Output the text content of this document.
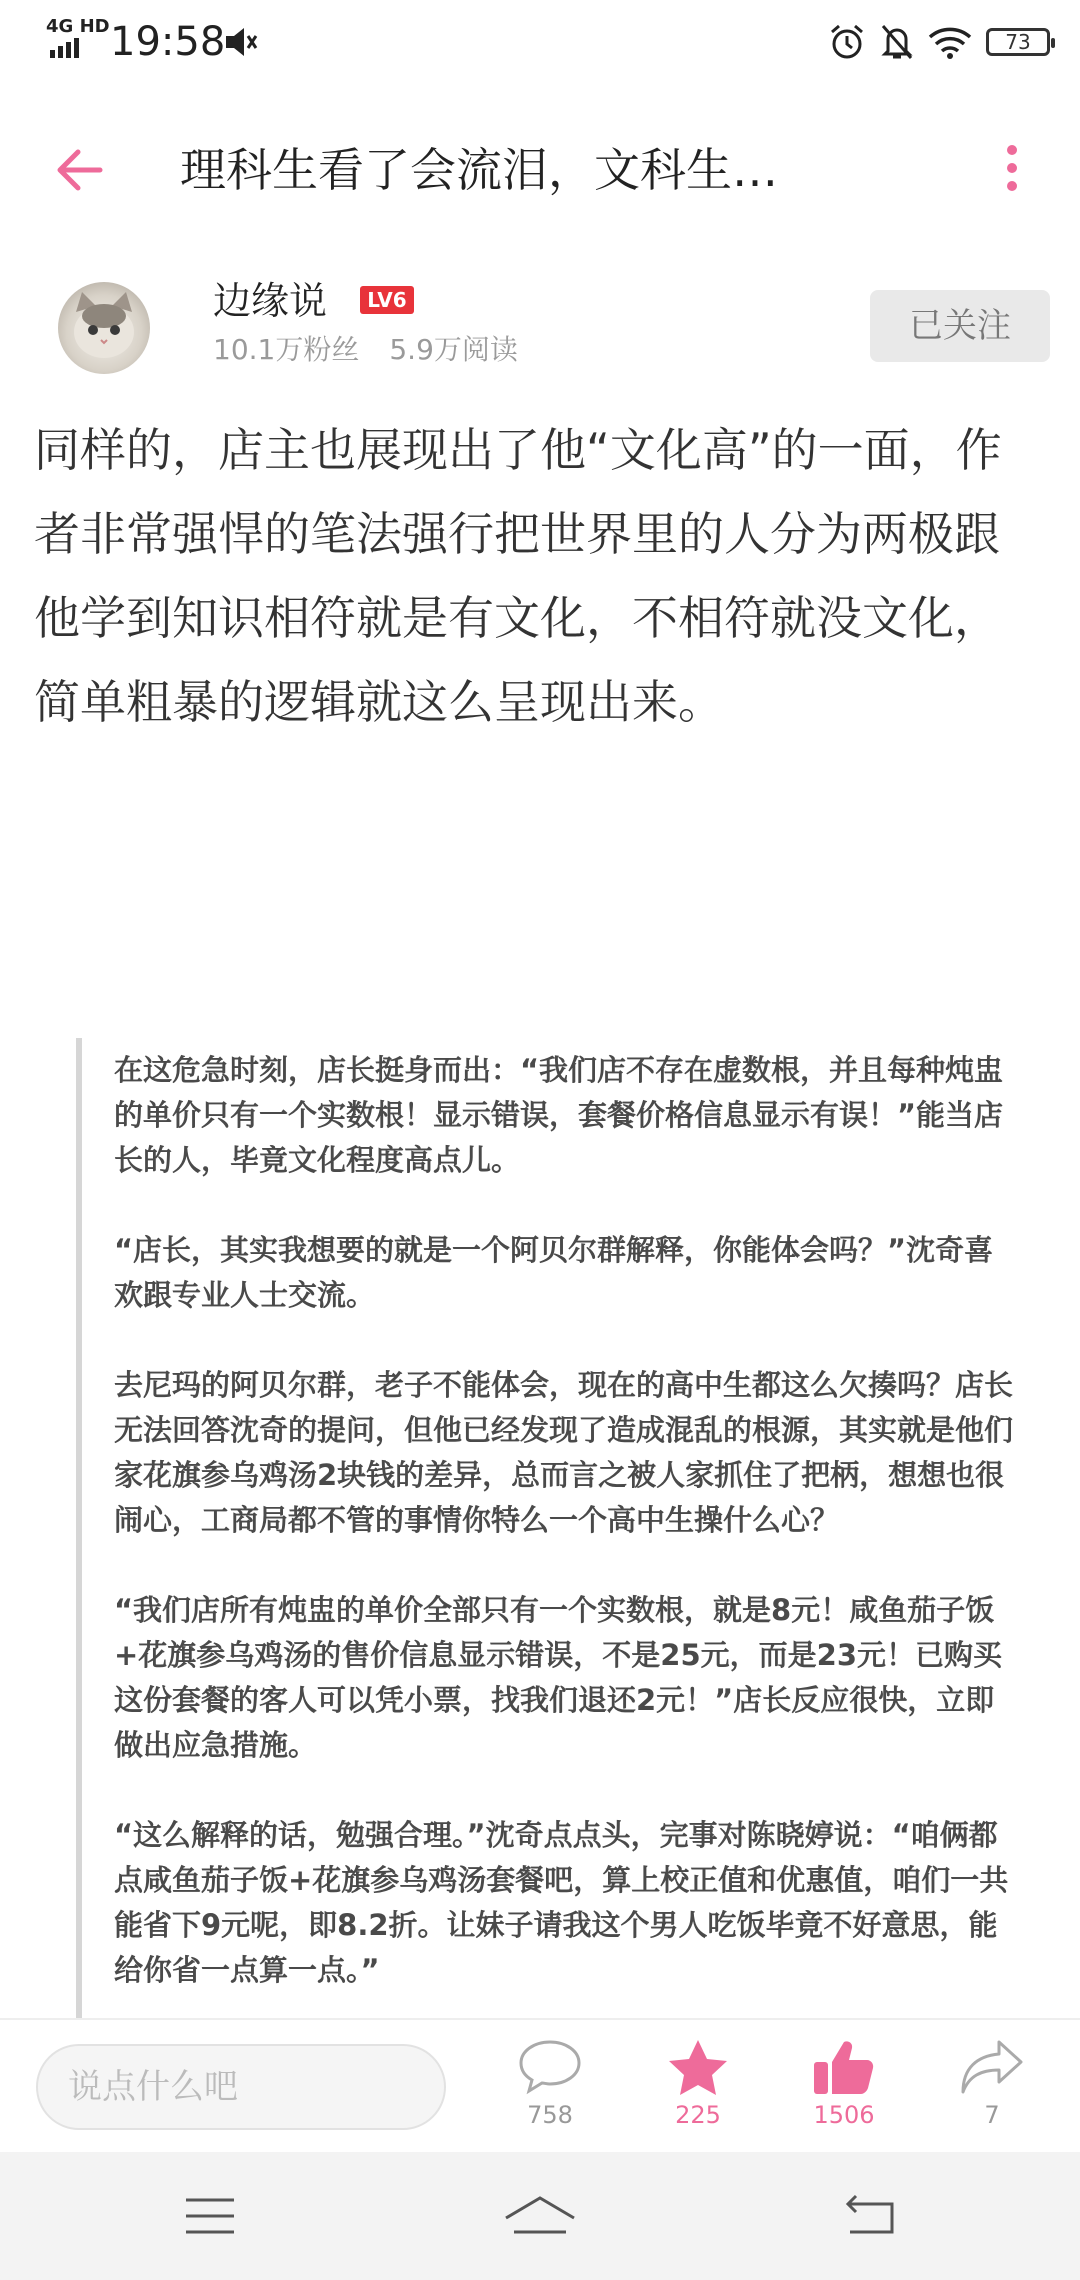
4G HD 19:58	73
理科生看了会流泪，文科生…
边缘说	LV6
10.1万粉丝 5.9万阅读
已关注
同样的，店主也展现出了他“文化高”的一面，作者非常强悍的笔法强行把世界里的人分为两极跟他学到知识相符就是有文化，不相符就没文化，简单粗暴的逻辑就这么呈现出来。

在这危急时刻，店长挺身而出：“我们店不存在虚数根，并且每种炖盅的单价只有一个实数根！显示错误，套餐价格信息显示有误！”能当店长的人，毕竟文化程度高点儿。

“店长，其实我想要的就是一个阿贝尔群解释，你能体会吗？”沈奇喜欢跟专业人士交流。

去尼玛的阿贝尔群，老子不能体会，现在的高中生都这么欠揍吗？店长无法回答沈奇的提问，但他已经发现了造成混乱的根源，其实就是他们家花旗参乌鸡汤2块钱的差异，总而言之被人家抓住了把柄，想想也很闹心，工商局都不管的事情你特么一个高中生操什么心？

“我们店所有炖盅的单价全部只有一个实数根，就是8元！咸鱼茄子饭+花旗参乌鸡汤的售价信息显示错误，不是25元，而是23元！已购买这份套餐的客人可以凭小票，找我们退还2元！”店长反应很快，立即做出应急措施。

“这么解释的话，勉强合理。”沈奇点点头，完事对陈晓婷说：“咱俩都点咸鱼茄子饭+花旗参乌鸡汤套餐吧，算上校正值和优惠值，咱们一共能省下9元呢，即8.2折。让妹子请我这个男人吃饭毕竟不好意思，能给你省一点算一点。”

说点什么吧
758	225	1506	7
